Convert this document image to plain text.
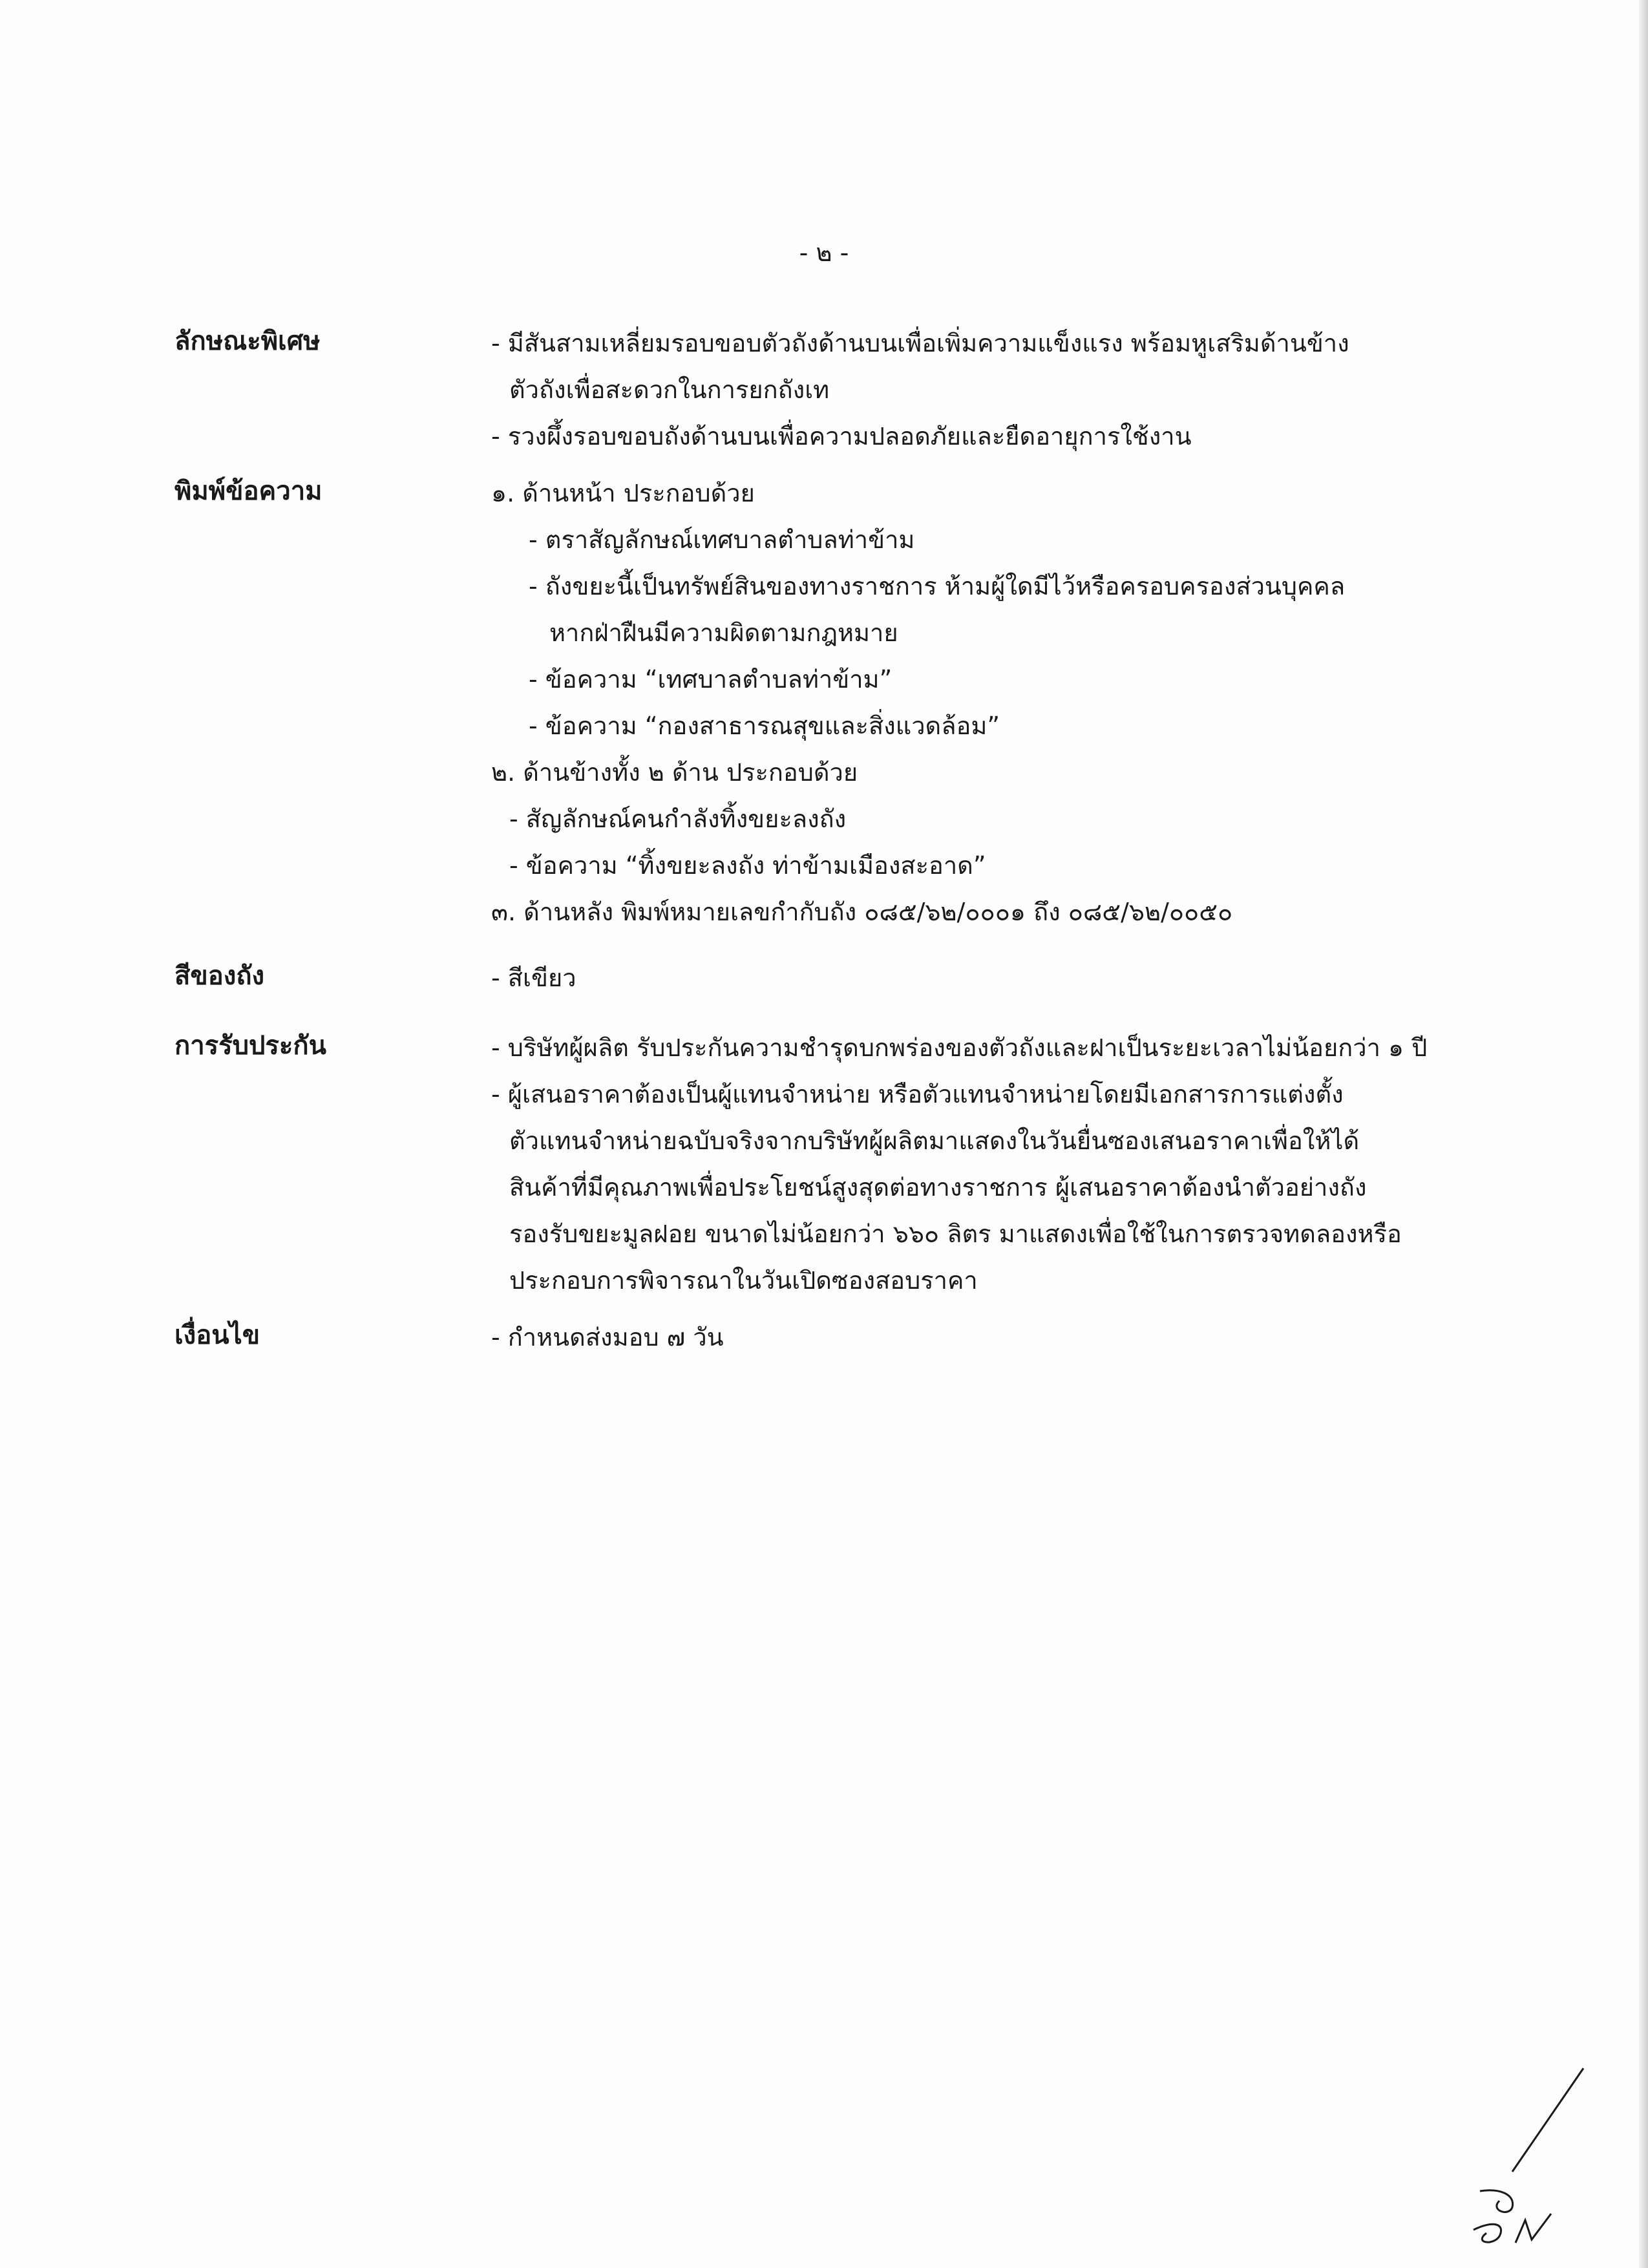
- ๒ -
ลักษณะพิเศษ	- มีสันสามเหลี่ยมรอบขอบตัวถังด้านบนเพื่อเพิ่มความแข็งแรง พร้อมหูเสริมด้านข้าง
ตัวถังเพื่อสะดวกในการยกถังเท
- รวงผึ้งรอบขอบถังด้านบนเพื่อความปลอดภัยและยืดอายุการใช้งาน
พิมพ์ข้อความ	๑. ด้านหน้า ประกอบด้วย
- ตราสัญลักษณ์เทศบาลตำบลท่าข้าม
- ถังขยะนี้เป็นทรัพย์สินของทางราชการ ห้ามผู้ใดมีไว้หรือครอบครองส่วนบุคคล
หากฝ่าฝืนมีความผิดตามกฎหมาย
- ข้อความ “เทศบาลตำบลท่าข้าม”
- ข้อความ “กองสาธารณสุขและสิ่งแวดล้อม”
๒. ด้านข้างทั้ง ๒ ด้าน ประกอบด้วย
- สัญลักษณ์คนกำลังทิ้งขยะลงถัง
- ข้อความ “ทิ้งขยะลงถัง ท่าข้ามเมืองสะอาด”
๓. ด้านหลัง พิมพ์หมายเลขกำกับถัง ๐๘๕/๖๒/๐๐๐๑ ถึง ๐๘๕/๖๒/๐๐๕๐
สีของถัง	- สีเขียว
การรับประกัน	- บริษัทผู้ผลิต รับประกันความชำรุดบกพร่องของตัวถังและฝาเป็นระยะเวลาไม่น้อยกว่า ๑ ปี
- ผู้เสนอราคาต้องเป็นผู้แทนจำหน่าย หรือตัวแทนจำหน่ายโดยมีเอกสารการแต่งตั้ง
ตัวแทนจำหน่ายฉบับจริงจากบริษัทผู้ผลิตมาแสดงในวันยื่นซองเสนอราคาเพื่อให้ได้
สินค้าที่มีคุณภาพเพื่อประโยชน์สูงสุดต่อทางราชการ ผู้เสนอราคาต้องนำตัวอย่างถัง
รองรับขยะมูลฝอย ขนาดไม่น้อยกว่า ๖๖๐ ลิตร มาแสดงเพื่อใช้ในการตรวจทดลองหรือ
ประกอบการพิจารณาในวันเปิดซองสอบราคา
เงื่อนไข	- กำหนดส่งมอบ ๗ วัน
